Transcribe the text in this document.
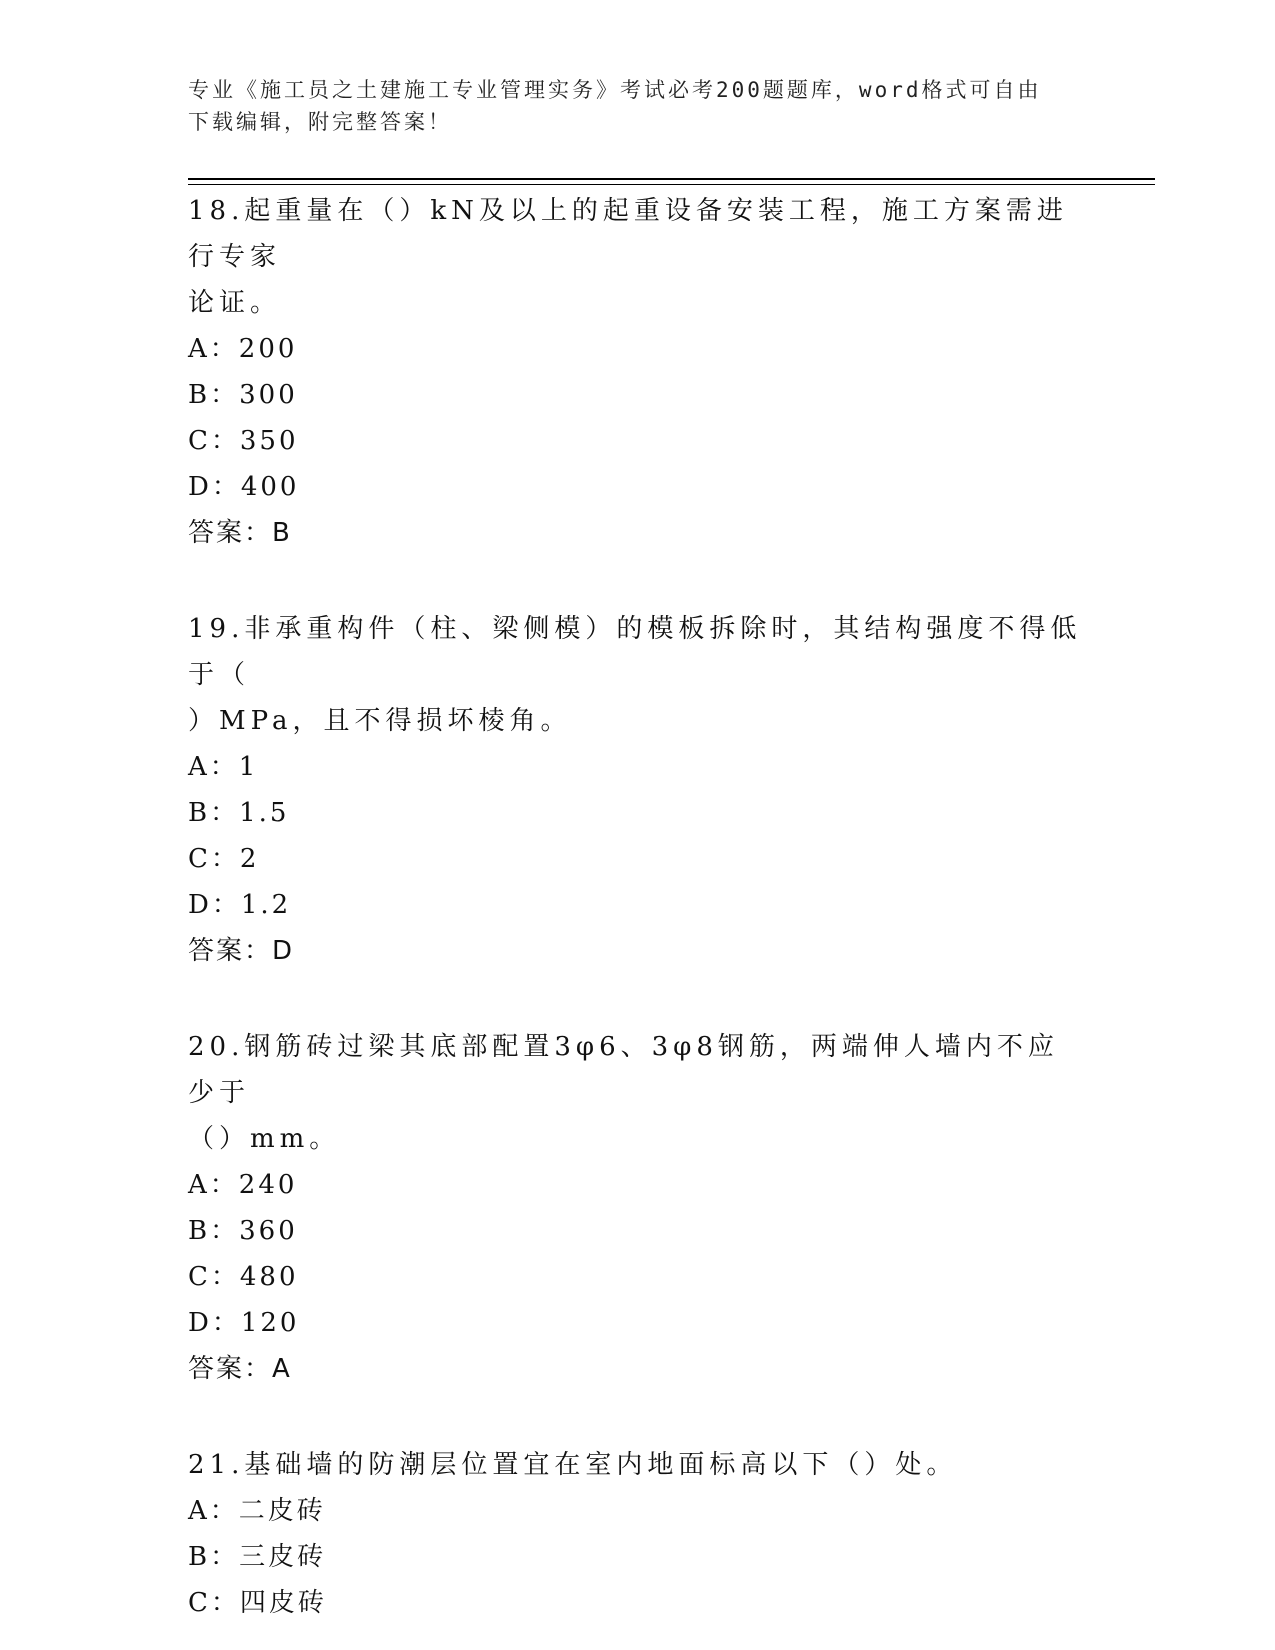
专业《施工员之土建施工专业管理实务》考试必考200题题库，word格式可自由
下载编辑，附完整答案！

18.起重量在（）kN及以上的起重设备安装工程，施工方案需进行专家

论证。

A：200

B：300

C：350

D：400

答案：B

19.非承重构件（柱、梁侧模）的模板拆除时，其结构强度不得低于（

）MPa，且不得损坏棱角。

A：1

B：1.5

C：2

D：1.2

答案：D

20.钢筋砖过梁其底部配置3φ6、3φ8钢筋，两端伸人墙内不应少于

（）mm。

A：240

B：360

C：480

D：120

答案：A

21.基础墙的防潮层位置宜在室内地面标高以下（）处。

A：二皮砖

B：三皮砖

C：四皮砖
